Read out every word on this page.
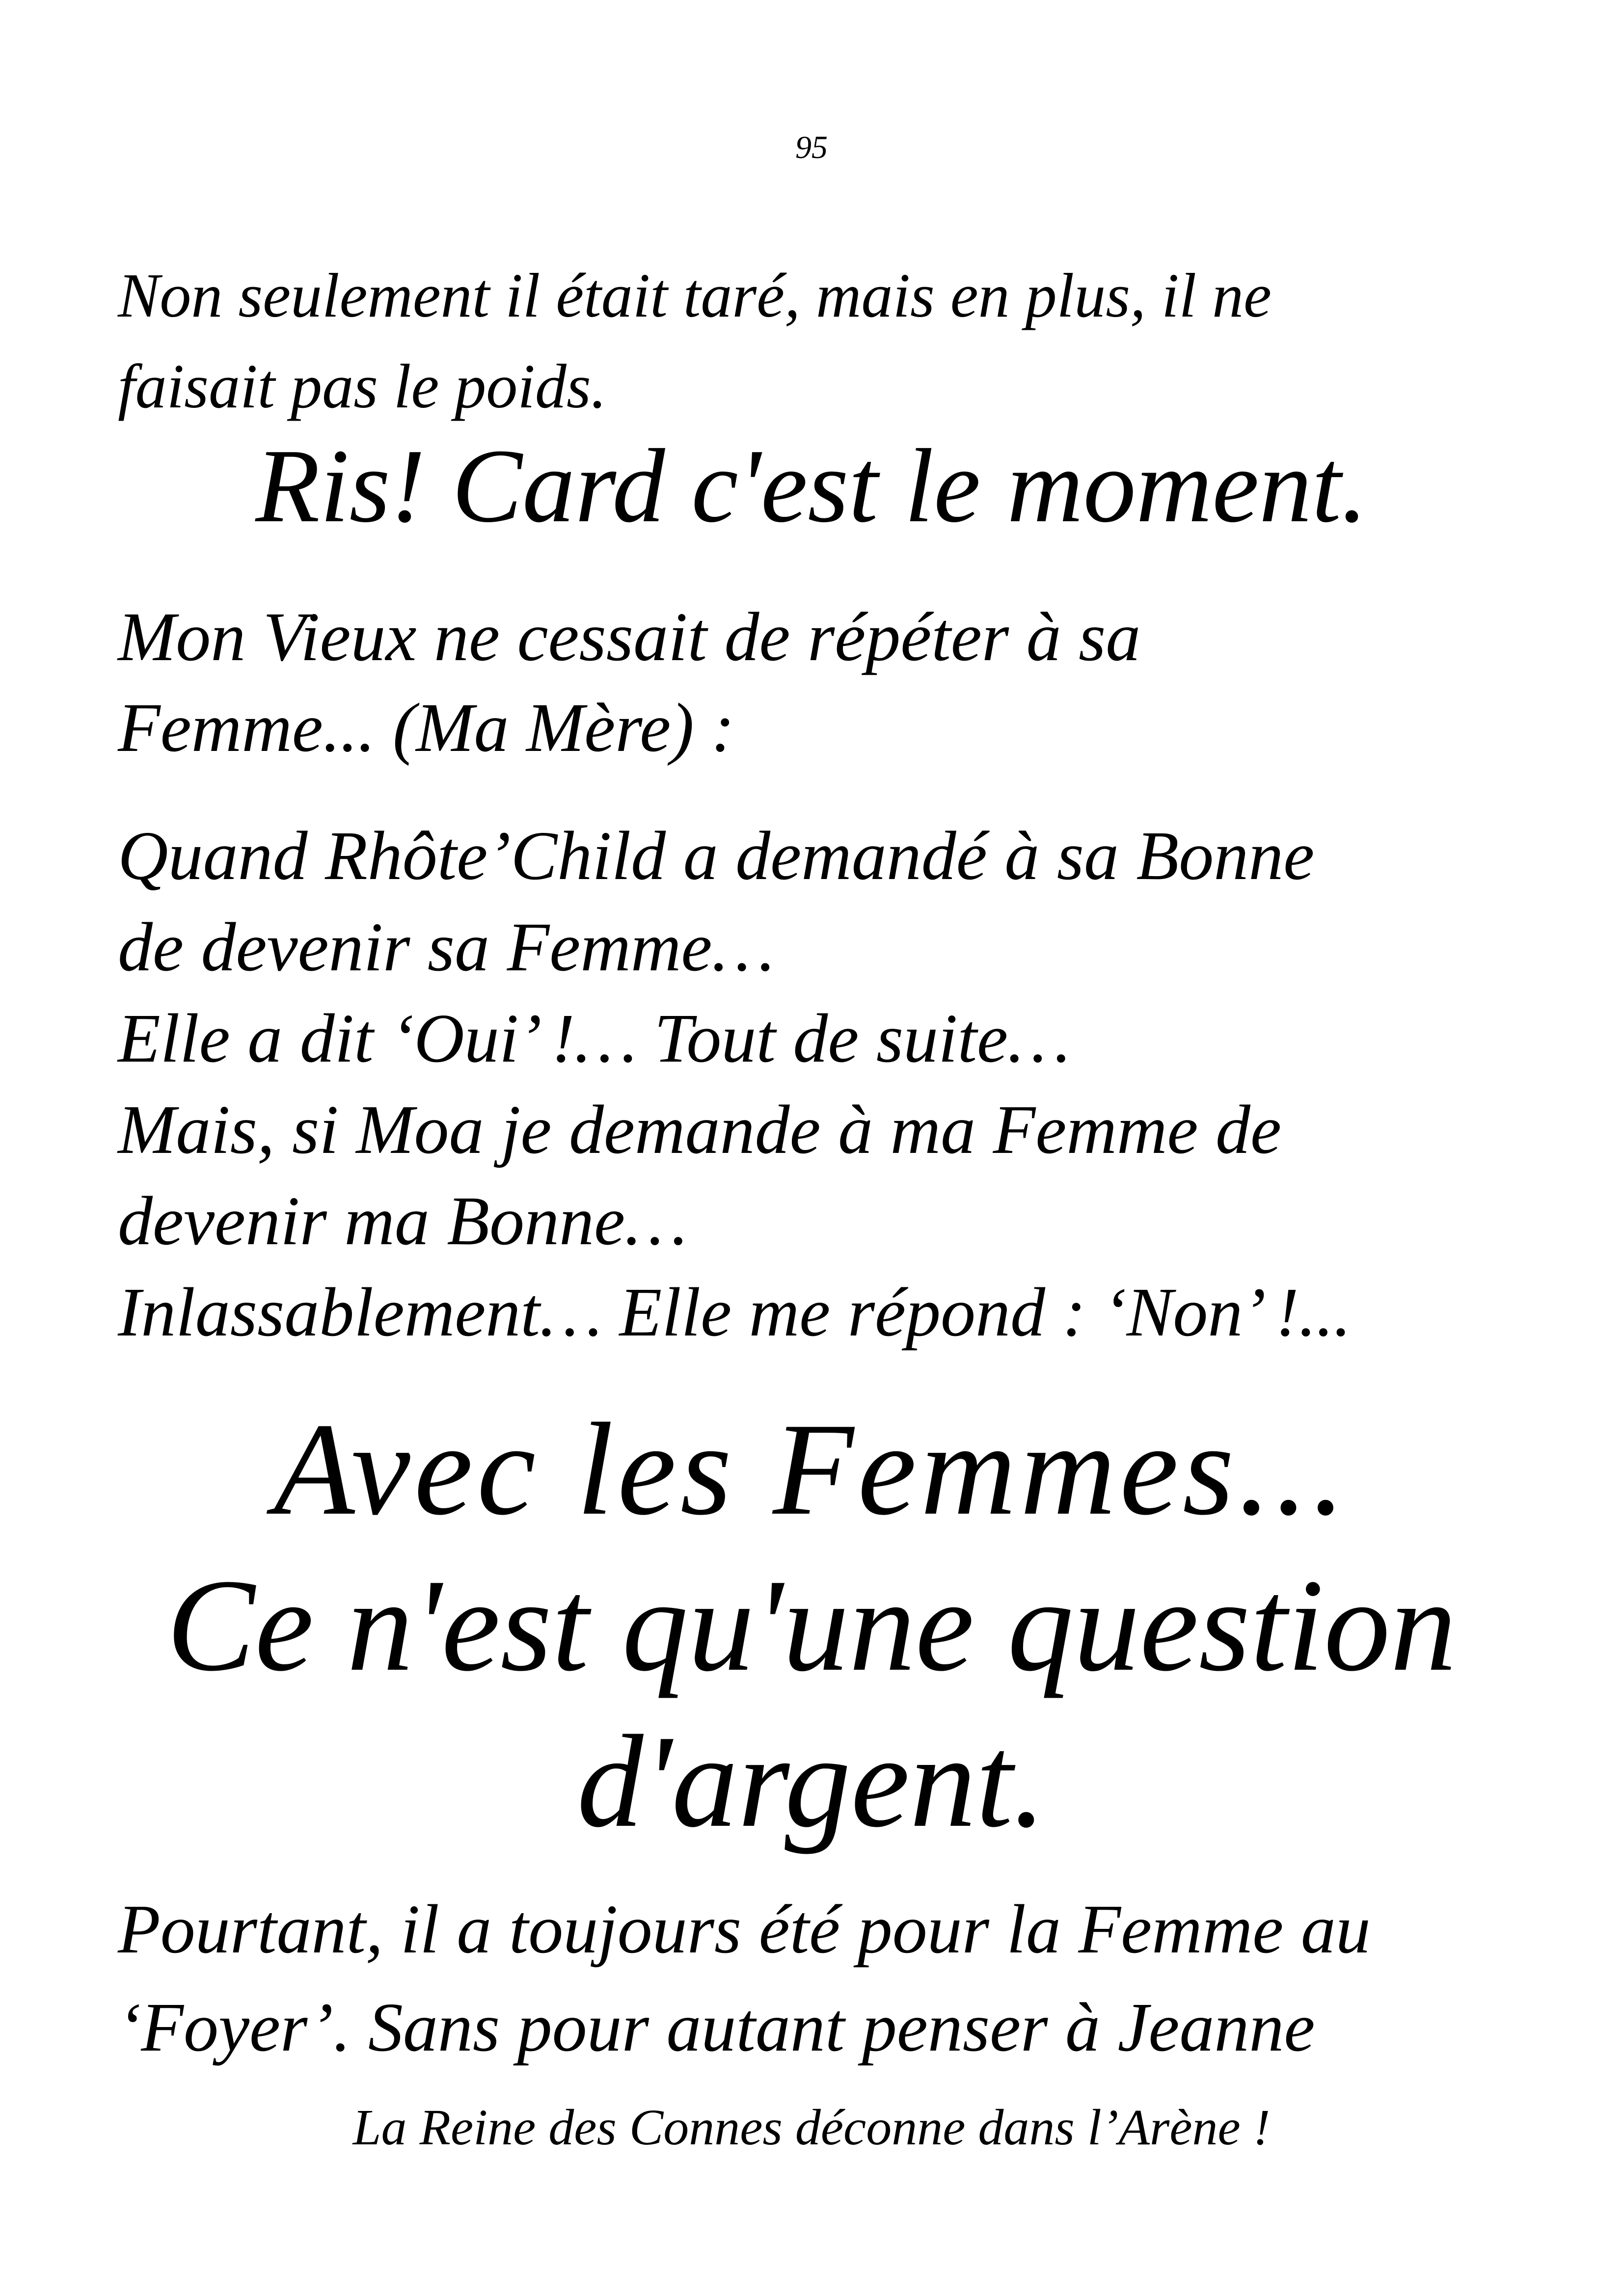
95
Non seulement il était taré, mais en plus, il ne
faisait pas le poids.
Ris! Card c'est le moment.
Mon Vieux ne cessait de répéter à sa
Femme... (Ma Mère) :
Quand Rhôte’Child a demandé à sa Bonne
de devenir sa Femme…
Elle a dit ‘Oui’ !… Tout de suite…
Mais, si Moa je demande à ma Femme de
devenir ma Bonne…
Inlassablement… Elle me répond : ‘Non’ !...
Avec les Femmes...
Ce n'est qu'une question
d'argent.
Pourtant, il a toujours été pour la Femme au
‘Foyer’. Sans pour autant penser à Jeanne
La Reine des Connes déconne dans l’Arène !
